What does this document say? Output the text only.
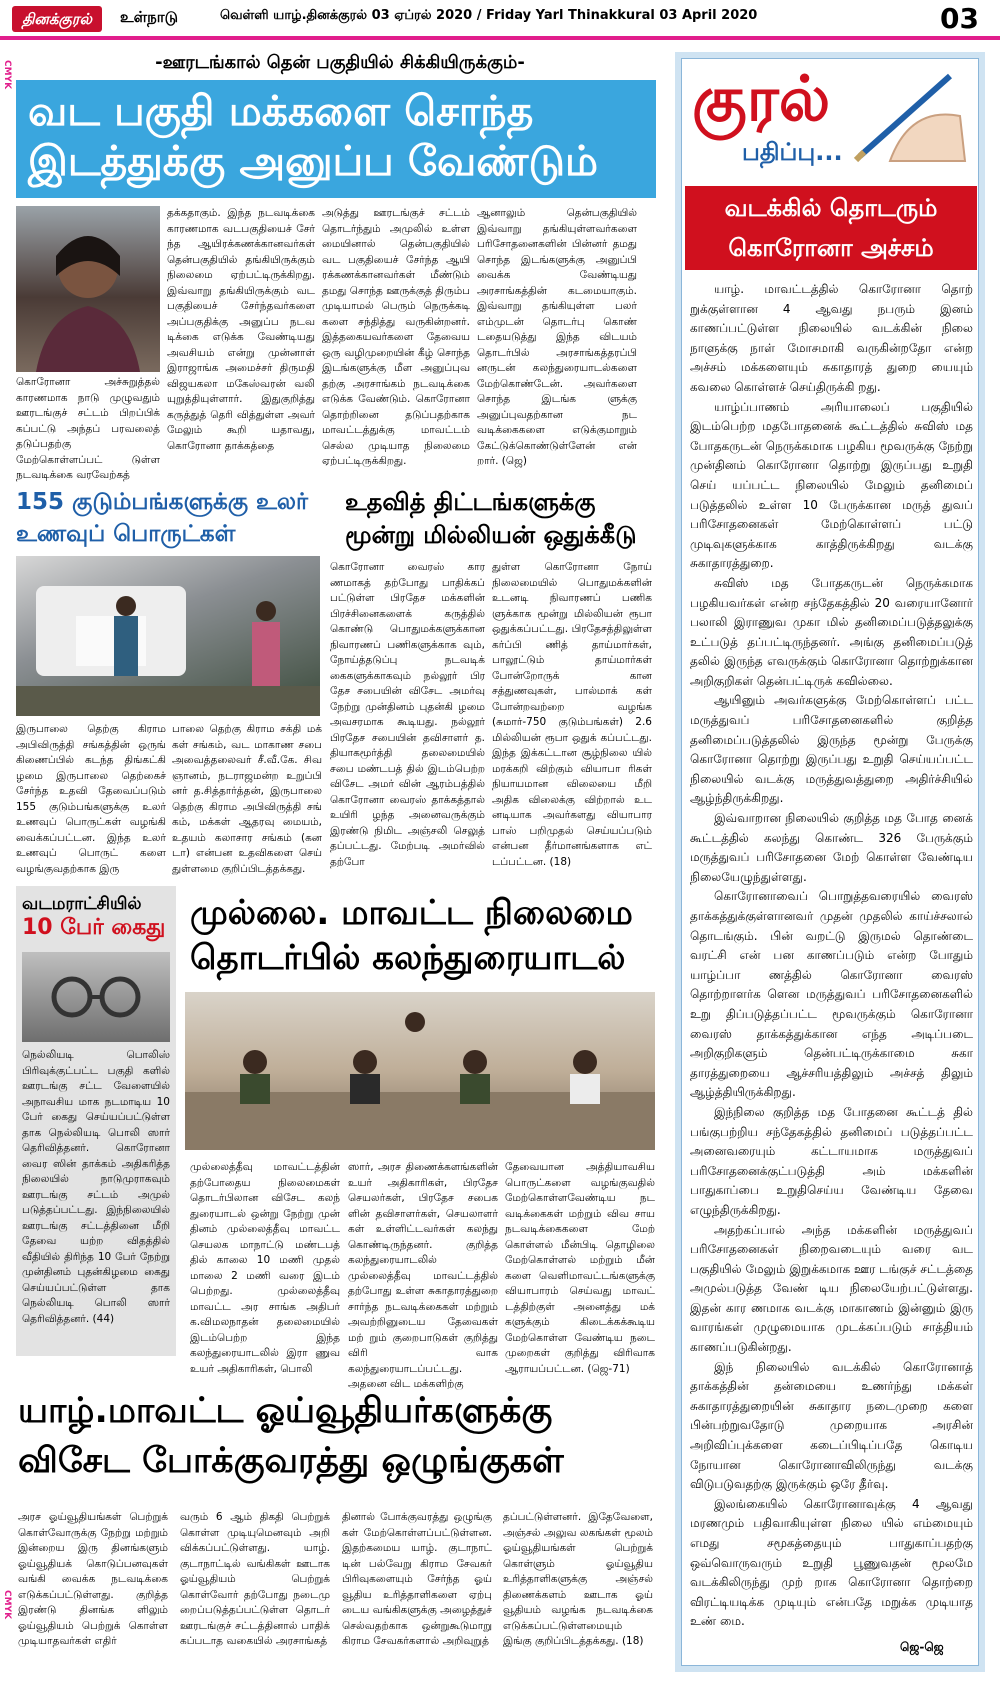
தினக்குரல்	உள்நாடு	வெள்ளி யாழ்.தினக்குரல் 03 ஏப்ரல் 2020 / Friday Yarl Thinakkural 03 April 2020	03
CMYK
CMYK
-ஊரடங்கால் தென் பகுதியில் சிக்கியிருக்கும்-
வட பகுதி மக்களை சொந்த
இடத்துக்கு அனுப்ப வேண்டும்
கொரோனா அச்சுறுத்தல் காரணமாக நாடு முழுவதும் ஊரடங்குச் சட்டம் பிறப்பிக் கப்பட்டு அந்தப் பரவலைத் தடுப்பதற்கு மேற்கொள்ளப்பட் டுள்ள நடவடிக்கை வரவேற்கத்
தக்கதாகும். இந்த நடவடிக்கை காரணமாக வடபகுதியைச் சேர் ந்த ஆயிரக்கணக்கானவர்கள் தென்பகுதியில் தங்கியிருக்கும் நிலைமை ஏற்பட்டிருக்கிறது. இவ்வாறு தங்கியிருக்கும் வட பகுதியைச் சேர்ந்தவர்களை அப்பகுதிக்கு அனுப்ப நடவ டிக்கை எடுக்க வேண்டியது அவசியம் என்று முன்னாள் இராஜாங்க அமைச்சர் திருமதி விஜயகலா மகேஸ்வரன் வலி யுறுத்தியுள்ளார். இதுகுறித்து கருத்துத் தெரி வித்துள்ள அவர் மேலும் கூறி யதாவது, கொரோனா தாக்கத்தை
அடுத்து ஊரடங்குச் சட்டம் தொடர்ந்தும் அமுலில் உள்ள மையினால் தென்பகுதியில் வட பகுதியைச் சேர்ந்த ஆயி ரக்கணக்கானவர்கள் மீண்டும் தமது சொந்த ஊருக்குத் திரும்ப முடியாமல் பெரும் நெருக்கடி களை சந்தித்து வருகின்றனர். இத்தகையவர்களை தேவைய ஒரு வழிமுறையின் கீழ் சொந்த இடங்களுக்கு மீள அனுப்புவ தற்கு அரசாங்கம் நடவடிக்கை எடுக்க வேண்டும். கொரோனா தொற்றினை தடுப்பதற்காக மாவட்டத்துக்கு மாவட்டம் செல்ல முடியாத நிலைமை ஏற்பட்டிருக்கிறது.
ஆனாலும் தென்பகுதியில் இவ்வாறு தங்கியுள்ளவர்களை பரிசோதனைகளின் பின்னர் தமது சொந்த இடங்களுக்கு அனுப்பி வைக்க வேண்டியது அரசாங்கத்தின் கடமையாகும். இவ்வாறு தங்கியுள்ள பலர் எம்முடன் தொடர்பு கொண் டதையடுத்து இந்த விடயம் தொடர்பில் அரசாங்கத்தரப்பி னருடன் கலந்துரையாடல்களை மேற்கொண்டேன். அவர்களை சொந்த இடங்க ளுக்கு அனுப்புவதற்கான நட வடிக்கைகளை எடுக்குமாறும் கேட்டுக்கொண்டுள்ளேன் என் றார். (ஜெ)
155 குடும்பங்களுக்கு உலர்
உணவுப் பொருட்கள்
இருபாலை தெற்கு கிராம அபிவிருத்தி சங்கத்தின் ஒருங் கிணைப்பில் கடந்த திங்கட்கி ழமை இருபாலை தெற்கைச் சேர்ந்த உதவி தேவைப்படும் 155 குடும்பங்களுக்கு உலர் உணவுப் பொருட்கள் வழங்கி வைக்கப்பட்டன. இந்த உலர் உணவுப் பொருட் களை வழங்குவதற்காக இரு
பாலை தெற்கு கிராம சக்தி மக் கள் சங்கம், வட மாகாண சபை அவைத்தலைவர் சீ.வீ.கே. சிவ ஞானம், நடராஜமன்ற உறுப்பி னர் த.சித்தார்த்தன், இருபாலை தெற்கு கிராம அபிவிருத்தி சங் கம், மக்கள் ஆதரவு மையம், உதயம் கலாசார சங்கம் (கன டா) என்பன உதவிகளை செய் துள்ளமை குறிப்பிடத்தக்கது.
உதவித் திட்டங்களுக்கு
மூன்று மில்லியன் ஒதுக்கீடு
கொரோனா வைரஸ் கார ணமாகத் தற்போது பாதிக்கப் பட்டுள்ள பிரதேச மக்களின் பிரச்சினைகளைக் கருத்தில் கொண்டு பொதுமக்களுக்கான நிவாரணப் பணிகளுக்காக வும், நோய்த்தடுப்பு நடவடிக் கைகளுக்காகவும் நல்லூர் பிர தேச சபையின் விசேட அமர்வு நேற்று முன்தினம் புதன்கி ழமை அவசரமாக கூடியது. நல்லூர் பிரதேச சபையின் தவிசாளர் த. தியாகமூர்த்தி தலைமையில் சபை மண்டபத் தில் இடம்பெற்ற விசேட அமர் வின் ஆரம்பத்தில் கொரோனா வைரஸ் தாக்கத்தால் உயிரி ழந்த அனைவருக்கும் இரண்டு நிமிட அஞ்சலி செலுத் தப்பட்டது. மேற்படி அமர்வில் தற்போ
துள்ள கொரோனா நோய் நிலைமையில் பொதுமக்களின் உடனடி நிவாரணப் பணிக ளுக்காக மூன்று மில்லியன் ரூபா ஒதுக்கப்பட்டது. பிரதேசத்திலுள்ள கர்ப்பி ணித் தாய்மார்கள், பாலூட்டும் தாய்மார்கள் போன்றோருக் கான சத்துணவுகள், பால்மாக் கள் போன்றவற்றை வழங்க (சுமார்-750 குடும்பங்கள்) 2.6 மில்லியன் ரூபா ஒதுக் கப்பட்டது. இந்த இக்கட்டான சூழ்நிலை யில் மரக்கறி விற்கும் வியாபா ரிகள் நியாயமான விலையை மீறி அதிக விலைக்கு விற்றால் உட னடியாக அவர்களது வியாபார பாஸ் பறிமுதல் செய்யப்படும் என்பன தீர்மானங்களாக எட் டப்பட்டன. (18)
வடமராட்சியில்
10 பேர் கைது
நெல்லியடி பொலிஸ் பிரிவுக்குட்பட்ட பகுதி களில் ஊரடங்கு சட்ட வேளையில் அநாவசிய மாக நடமாடிய 10 பேர் கைது செய்யப்பட்டுள்ள தாக நெல்லியடி பொலி ஸார் தெரிவித்தனர். கொரோனா வைர ஸின் தாக்கம் அதிகரித்த நிலையில் நாடுமுராகவும் ஊரடங்கு சட்டம் அமுல் படுத்தப்பட்டது. இந்நிலையில் ஊரடங்கு சட்டத்தினை மீறி தேவை யற்ற விதத்தில் வீதியில் திரிந்த 10 பேர் நேற்று முன்தினம் புதன்கிழமை கைது செய்யப்பட்டுள்ள தாக நெல்லியடி பொலி ஸார் தெரிவித்தனர். (44)
முல்லை. மாவட்ட நிலைமை
தொடர்பில் கலந்துரையாடல்
முல்லைத்தீவு மாவட்டத்தின் தற்போதைய நிலைமைகள் தொடர்பிலான விசேட கலந் துரையாடல் ஒன்று நேற்று முன் தினம் முல்லைத்தீவு மாவட்ட செயலக மாநாட்டு மண்டபத் தில் காலை 10 மணி முதல் மாலை 2 மணி வரை இடம் பெற்றது. முல்லைத்தீவு மாவட்ட அர சாங்க அதிபர் க.விமலநாதன் தலைமையில் இடம்பெற்ற இந்த கலந்துரையாடலில் இரா ணுவ உயர் அதிகாரிகள், பொலி
ஸார், அரச திணைக்களங்களின் உயர் அதிகாரிகள், பிரதேச செயலர்கள், பிரதேச சபைக ளின் தவிசாளர்கள், செயலாளர் கள் உள்ளிட்டவர்கள் கலந்து கொண்டிருந்தனர். குறித்த கலந்துரையாடலில் முல்லைத்தீவு மாவட்டத்தில் தற்போது உள்ள சுகாதாரத்துறை சார்ந்த நடவடிக்கைகள் மற்றும் அவற்றினுடைய தேவைகள் மற் றும் குறைபாடுகள் குறித்து விரி வாக கலந்துரையாடப்பட்டது. அதனை விட மக்களிற்கு
தேவையான அத்தியாவசிய பொருட்களை வழங்குவதில் மேற்கொள்ளவேண்டிய நட வடிக்கைகள் மற்றும் விவ சாய நடவடிக்கைகளை மேற் கொள்ளல் மீன்பிடி தொழிலை மேற்கொள்ளல் மற்றும் மீன் களை வெளிமாவட்டங்களுக்கு வியாபாரம் செய்வது மாவட் டத்திற்குள் அனைத்து மக் களுக்கும் கிடைக்கக்கூடிய மேற்கொள்ள வேண்டிய நடை முறைகள் குறித்து விரிவாக ஆராயப்பட்டன. (ஜெ-71)
யாழ்.மாவட்ட ஓய்வூதியர்களுக்கு
விசேட போக்குவரத்து ஒழுங்குகள்
அரச ஓய்வூதியங்கள் பெற்றுக் கொள்வோருக்கு நேற்று மற்றும் இன்றைய இரு தினங்களும் ஓய்வூதியக் கொடுப்பனவுகள் வங்கி வைக்க நடவடிக்கை எடுக்கப்பட்டுள்ளது. குறித்த இரண்டு தினங்க ளிலும் ஓய்வூதியம் பெற்றுக் கொள்ள முடியாதவர்கள் எதிர்
வரும் 6 ஆம் திகதி பெற்றுக் கொள்ள முடியுமெனவும் அறி விக்கப்பட்டுள்ளது. யாழ். குடாநாட்டில் வங்கிகள் ஊடாக ஓய்வூதியம் பெற்றுக் கொள்வோர் தற்போது நடைமு றைப்படுத்தப்பட்டுள்ள தொடர் ஊரடங்குச் சட்டத்தினால் பாதிக் கப்படாத வகையில் அரசாங்கத்
தினால் போக்குவரத்து ஒழுங்கு கள் மேற்கொள்ளப்பட்டுள்ளன. இதற்கமைய யாழ். குடாநாட் டின் பல்வேறு கிராம சேவகர் பிரிவுகளையும் சேர்ந்த ஓய் வூதிய உரித்தாளிகளை ஏற்பு டைய வங்கிகளுக்கு அழைத்துச் செல்வதற்காக ஒன்றுகூடுமாறு கிராம சேவகர்களால் அறிவுறுத்
தப்பட்டுள்ளனர். இதேவேளை, அஞ்சல் அலுவ லகங்கள் மூலம் ஓய்வூதியங்கள் பெற்றுக் கொள்ளும் ஓய்வூதிய உரித்தாளிகளுக்கு அஞ்சல் திணைக்களம் ஊடாக ஓய் வூதியம் வழங்க நடவடிக்கை எடுக்கப்பட்டுள்ளமையும் இங்கு குறிப்பிடத்தக்கது. (18)
குரல்
பதிப்பு...
வடக்கில் தொடரும்
கொரோனா அச்சம்

யாழ். மாவட்டத்தில் கொரோனா தொற் றுக்குள்ளான 4 ஆவது நபரும் இனம் காணப்பட்டுள்ள நிலையில் வடக்கின் நிலை நாளுக்கு நாள் மோசமாகி வருகின்றதோ என்ற அச்சம் மக்களையும் சுகாதாரத் துறை யையும் கவலை கொள்ளச் செய்திருக்கி றது.

யாழ்ப்பாணம் அரியாலைப் பகுதியில் இடம்பெற்ற மதபோதனைக் கூட்டத்தில் சுவிஸ் மத போதகருடன் நெருக்கமாக பழகிய மூவருக்கு நேற்று முன்தினம் கொரோனா தொற்று இருப்பது உறுதி செய் யப்பட்ட நிலையில் மேலும் தனிமைப் படுத்தலில் உள்ள 10 பேருக்கான மருத் துவப் பரிசோதனைகள் மேற்கொள்ளப் பட்டு முடிவுகளுக்காக காத்திருக்கிறது வடக்கு சுகாதாரத்துறை.

சுவிஸ் மத போதகருடன் நெருக்கமாக பழகியவர்கள் என்ற சந்தேகத்தில் 20 வரையானோர் பலாலி இராணுவ முகா மில் தனிமைப்படுத்தலுக்கு உட்படுத் தப்பட்டிருந்தனர். அங்கு தனிமைப்படுத் தலில் இருந்த எவருக்கும் கொரோனா தொற்றுக்கான அறிகுறிகள் தென்பட்டிருக் கவில்லை.

ஆயினும் அவர்களுக்கு மேற்கொள்ளப் பட்ட மருத்துவப் பரிசோதனைகளில் குறித்த தனிமைப்படுத்தலில் இருந்த மூன்று பேருக்கு கொரோனா தொற்று இருப்பது உறுதி செய்யப்பட்ட நிலையில் வடக்கு மருத்துவத்துறை அதிர்ச்சியில் ஆழ்ந்திருக்கிறது.

இவ்வாறான நிலையில் குறித்த மத போத னைக் கூட்டத்தில் கலந்து கொண்ட 326 பேருக்கும் மருத்துவப் பரிசோதனை மேற் கொள்ள வேண்டிய நிலையேழுந்துள்ளது.

கொரோனாவைப் பொறுத்தவரையில் வைரஸ் தாக்கத்துக்குள்ளானவர் முதன் முதலில் காய்ச்சலால் தொடங்கும். பின் வறட்டு இருமல் தொண்டை வரட்சி என் பன காணப்படும் என்ற போதும் யாழ்ப்பா ணத்தில் கொரோனா வைரஸ் தொற்றாளர்க ளென மருத்துவப் பரிசோதனைகளில் உறு திப்படுத்தப்பட்ட மூவருக்கும் கொரோனா வைரஸ் தாக்கத்துக்கான எந்த அடிப்படை அறிகுறிகளும் தென்பட்டிருக்காமை சுகா தாரத்துறையை ஆச்சரியத்திலும் அச்சத் திலும் ஆழ்த்தியிருக்கிறது.

இந்நிலை குறித்த மத போதனை கூட்டத் தில் பங்குபற்றிய சந்தேகத்தில் தனிமைப் படுத்தப்பட்ட அனைவரையும் கட்டாயமாக மருத்துவப் பரிசோதனைக்குட்படுத்தி அம் மக்களின் பாதுகாப்பை உறுதிசெய்ய வேண்டிய தேவை எழுந்திருக்கிறது.

அதற்கப்பால் அந்த மக்களின் மருத்துவப் பரிசோதனைகள் நிறைவடையும் வரை வட பகுதியில் மேலும் இறுக்கமாக ஊர டங்குச் சட்டத்தை அமுல்படுத்த வேண் டிய நிலையேற்பட்டுள்ளது. இதன் கார ணமாக வடக்கு மாகாணம் இன்னும் இரு வாரங்கள் முழுமையாக முடக்கப்படும் சாத்தியம் காணப்படுகின்றது.

இந் நிலையில் வடக்கில் கொரோனாத் தாக்கத்தின் தன்மையை உணர்ந்து மக்கள் சுகாதாரத்துறையின் சுகாதார நடைமுறை களை பின்பற்றுவதோடு முறையாக அரசின் அறிவிப்புக்களை கடைப்பிடிப்பதே கொடிய நோயான கொரோனாவிலிருந்து வடக்கு விடுபடுவதற்கு இருக்கும் ஒரே தீர்வு.

இலங்கையில் கொரோனாவுக்கு 4 ஆவது மரணமும் பதிவாகியுள்ள நிலை யில் எம்மையும் எமது சமூகத்தையும் பாதுகாப்பதற்கு ஒவ்வொருவரும் உறுதி பூணுவதன் மூலமே வடக்கிலிருந்து முற் றாக கொரோனா தொற்றை விரட்டியடிக்க முடியும் என்பதே மறுக்க முடியாத உண் மை.

ஜெ-ஜெ
